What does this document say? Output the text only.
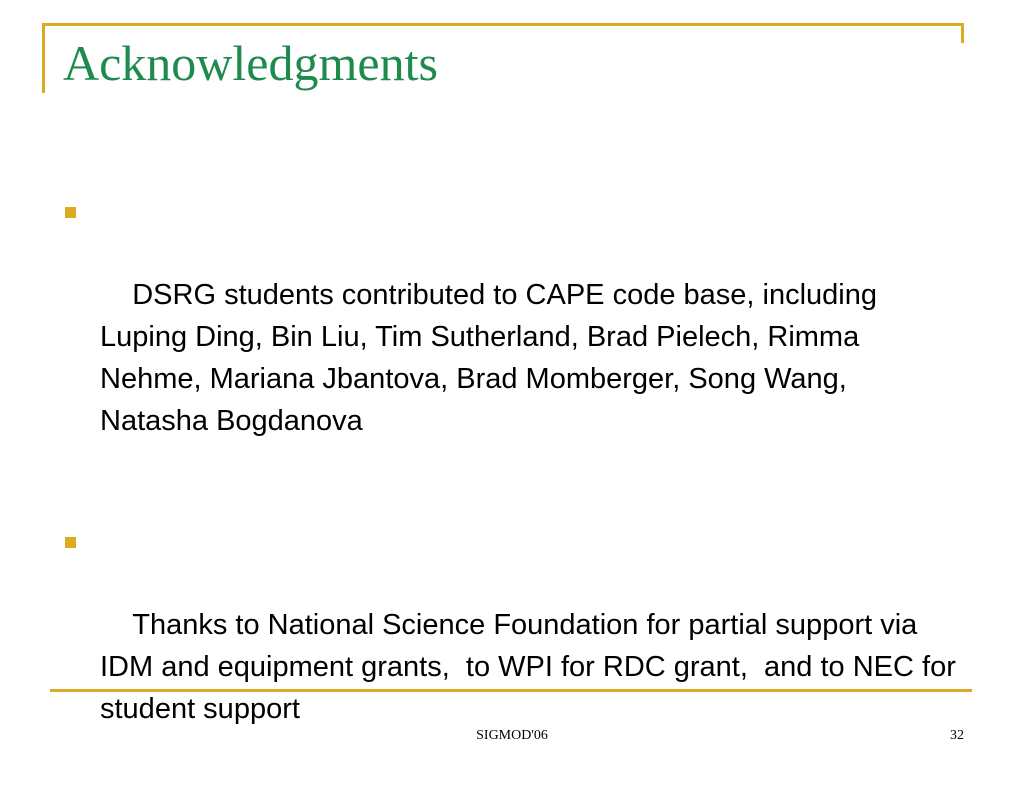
Acknowledgments

DSRG students contributed to CAPE code base, including Luping Ding, Bin Liu, Tim Sutherland, Brad Pielech, Rimma Nehme, Mariana Jbantova, Brad Momberger, Song Wang,  Natasha Bogdanova

Thanks to National Science Foundation for partial support via IDM and equipment grants,  to WPI for RDC grant,  and to NEC for student support

SIGMOD'06	32
